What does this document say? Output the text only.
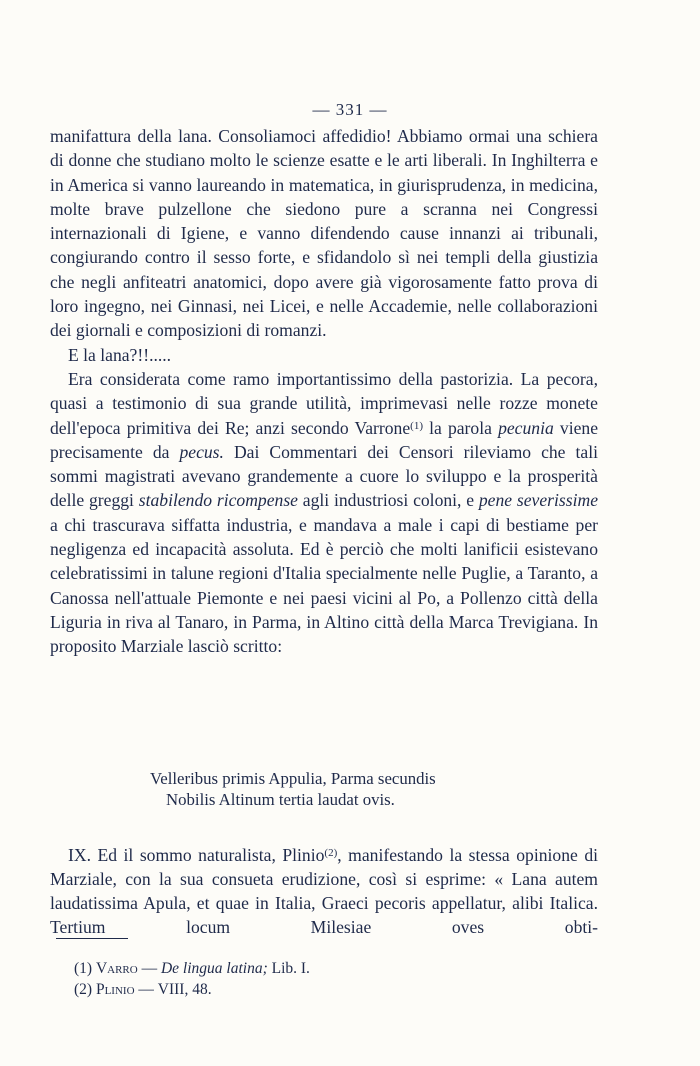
— 331 —

manifattura della lana. Consoliamoci affedidio! Abbiamo ormai una schiera di donne che studiano molto le scienze esatte e le arti liberali. In Inghilterra e in America si vanno laureando in matematica, in giurisprudenza, in medicina, molte brave pulzellone che siedono pure a scranna nei Congressi internazionali di Igiene, e vanno difendendo cause innanzi ai tribunali, congiurando contro il sesso forte, e sfidandolo sì nei templi della giustizia che negli anfiteatri anatomici, dopo avere già vigorosamente fatto prova di loro ingegno, nei Ginnasi, nei Licei, e nelle Accademie, nelle collaborazioni dei giornali e composizioni di romanzi.

E la lana?!!.....

Era considerata come ramo importantissimo della pastorizia. La pecora, quasi a testimonio di sua grande utilità, imprimevasi nelle rozze monete dell'epoca primitiva dei Re; anzi secondo Varrone$^{(1)}$ la parola pecunia viene precisamente da pecus. Dai Commentari dei Censori rileviamo che tali sommi magistrati avevano grandemente a cuore lo sviluppo e la prosperità delle greggi stabilendo ricompense agli industriosi coloni, e pene severissime a chi trascurava siffatta industria, e mandava a male i capi di bestiame per negligenza ed incapacità assoluta. Ed è perciò che molti lanificii esistevano celebratissimi in talune regioni d'Italia specialmente nelle Puglie, a Taranto, a Canossa nell'attuale Piemonte e nei paesi vicini al Po, a Pollenzo città della Liguria in riva al Tanaro, in Parma, in Altino città della Marca Trevigiana. In proposito Marziale lasciò scritto:

Velleribus primis Appulia, Parma secundis
Nobilis Altinum tertia laudat ovis.

IX. Ed il sommo naturalista, Plinio$^{(2)}$, manifestando la stessa opinione di Marziale, con la sua consueta erudizione, così si esprime: « Lana autem laudatissima Apula, et quae in Italia, Graeci pecoris appellatur, alibi Italica. Tertium locum Milesiae oves obti-

(1) Varro — De lingua latina; Lib. I.
(2) Plinio — VIII, 48.
